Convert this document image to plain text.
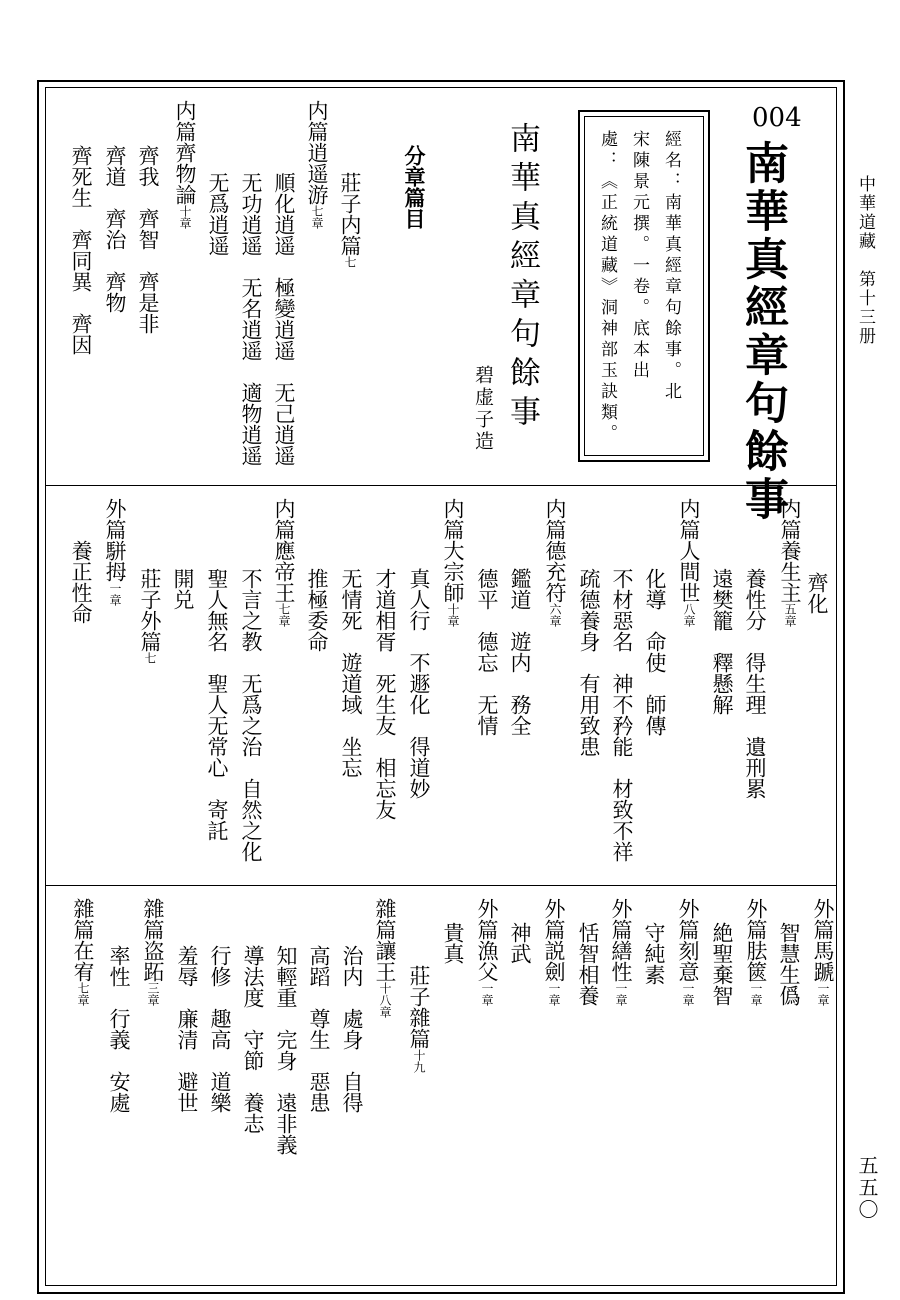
中華道藏　第十三册
五五〇
004
南華真經章句餘事
經名：南華真經章句餘事。北
宋陳景元撰。一卷。底本出
處：《正統道藏》洞神部玉訣類。
南華真經章句餘事
碧虚子造
分章篇目
莊子内篇七
内篇逍遥游七章
順化逍遥　極變逍遥　无己逍遥
无功逍遥　无名逍遥　適物逍遥
无爲逍遥
内篇齊物論十章
齊我　齊智　齊是非
齊道　齊治　齊物
齊死生　齊同異　齊因
齊化
内篇養生主五章
養性分　得生理　遺刑累
遠樊籠　釋懸解
内篇人間世八章
化導　命使　師傳
不材惡名　神不矜能　材致不祥
疏德養身　有用致患
内篇德充符六章
鑑道　遊内　務全
德平　德忘　无情
内篇大宗師十章
真人行　不遯化　得道妙
才道相胥　死生友　相忘友
无情死　遊道域　坐忘
推極委命
内篇應帝王七章
不言之教　无爲之治　自然之化
聖人無名　聖人无常心　寄託
開兑
莊子外篇七
外篇駢拇一章
養正性命
外篇馬蹏一章
智慧生僞
外篇胠篋一章
絶聖棄智
外篇刻意一章
守純素
外篇繕性一章
恬智相養
外篇説劍一章
神武
外篇漁父一章
貴真
莊子雜篇十九
雜篇讓王十八章
治内　處身　自得
高蹈　尊生　惡患
知輕重　完身　遠非義
導法度　守節　養志
行修　趣高　道樂
羞辱　廉清　避世
雜篇盗跖三章
率性　行義　安處
雜篇在宥七章
